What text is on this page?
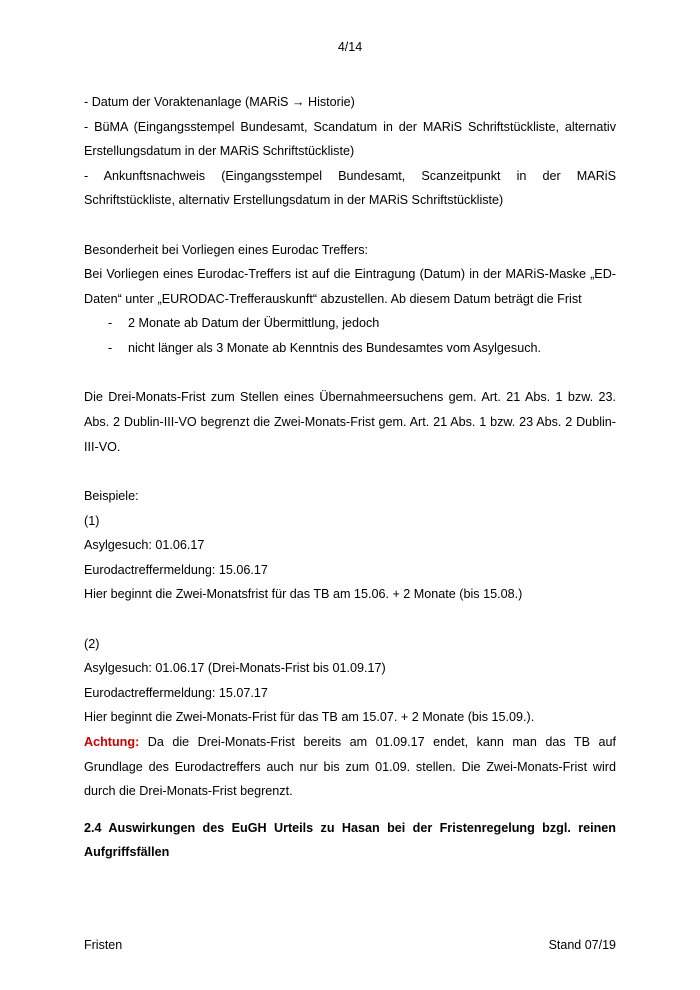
4/14

- Datum der Voraktenanlage (MARiS → Historie)

- BüMA (Eingangsstempel Bundesamt, Scandatum in der MARiS Schriftstückliste, alternativ Erstellungsdatum in der MARiS Schriftstückliste)

- Ankunftsnachweis (Eingangsstempel Bundesamt, Scanzeitpunkt in der MARiS Schriftstückliste, alternativ Erstellungsdatum in der MARiS Schriftstückliste)

Besonderheit bei Vorliegen eines Eurodac Treffers:

Bei Vorliegen eines Eurodac-Treffers ist auf die Eintragung (Datum) in der MARiS-Maske „ED-Daten“ unter „EURODAC-Trefferauskunft“ abzustellen. Ab diesem Datum beträgt die Frist

- 2 Monate ab Datum der Übermittlung, jedoch
- nicht länger als 3 Monate ab Kenntnis des Bundesamtes vom Asylgesuch.

Die Drei-Monats-Frist zum Stellen eines Übernahmeersuchens gem. Art. 21 Abs. 1 bzw. 23. Abs. 2 Dublin-III-VO begrenzt die Zwei-Monats-Frist gem. Art. 21 Abs. 1 bzw. 23 Abs. 2 Dublin-III-VO.

Beispiele:

(1)

Asylgesuch: 01.06.17

Eurodactreffermeldung: 15.06.17

Hier beginnt die Zwei-Monatsfrist für das TB am 15.06. + 2 Monate (bis 15.08.)

(2)

Asylgesuch: 01.06.17 (Drei-Monats-Frist bis 01.09.17)

Eurodactreffermeldung: 15.07.17

Hier beginnt die Zwei-Monats-Frist für das TB am 15.07. + 2 Monate (bis 15.09.).

Achtung: Da die Drei-Monats-Frist bereits am 01.09.17 endet, kann man das TB auf Grundlage des Eurodactreffers auch nur bis zum 01.09. stellen. Die Zwei-Monats-Frist wird durch die Drei-Monats-Frist begrenzt.

2.4 Auswirkungen des EuGH Urteils zu Hasan bei der Fristenregelung bzgl. reinen Aufgriffsfällen

Fristen	Stand 07/19
